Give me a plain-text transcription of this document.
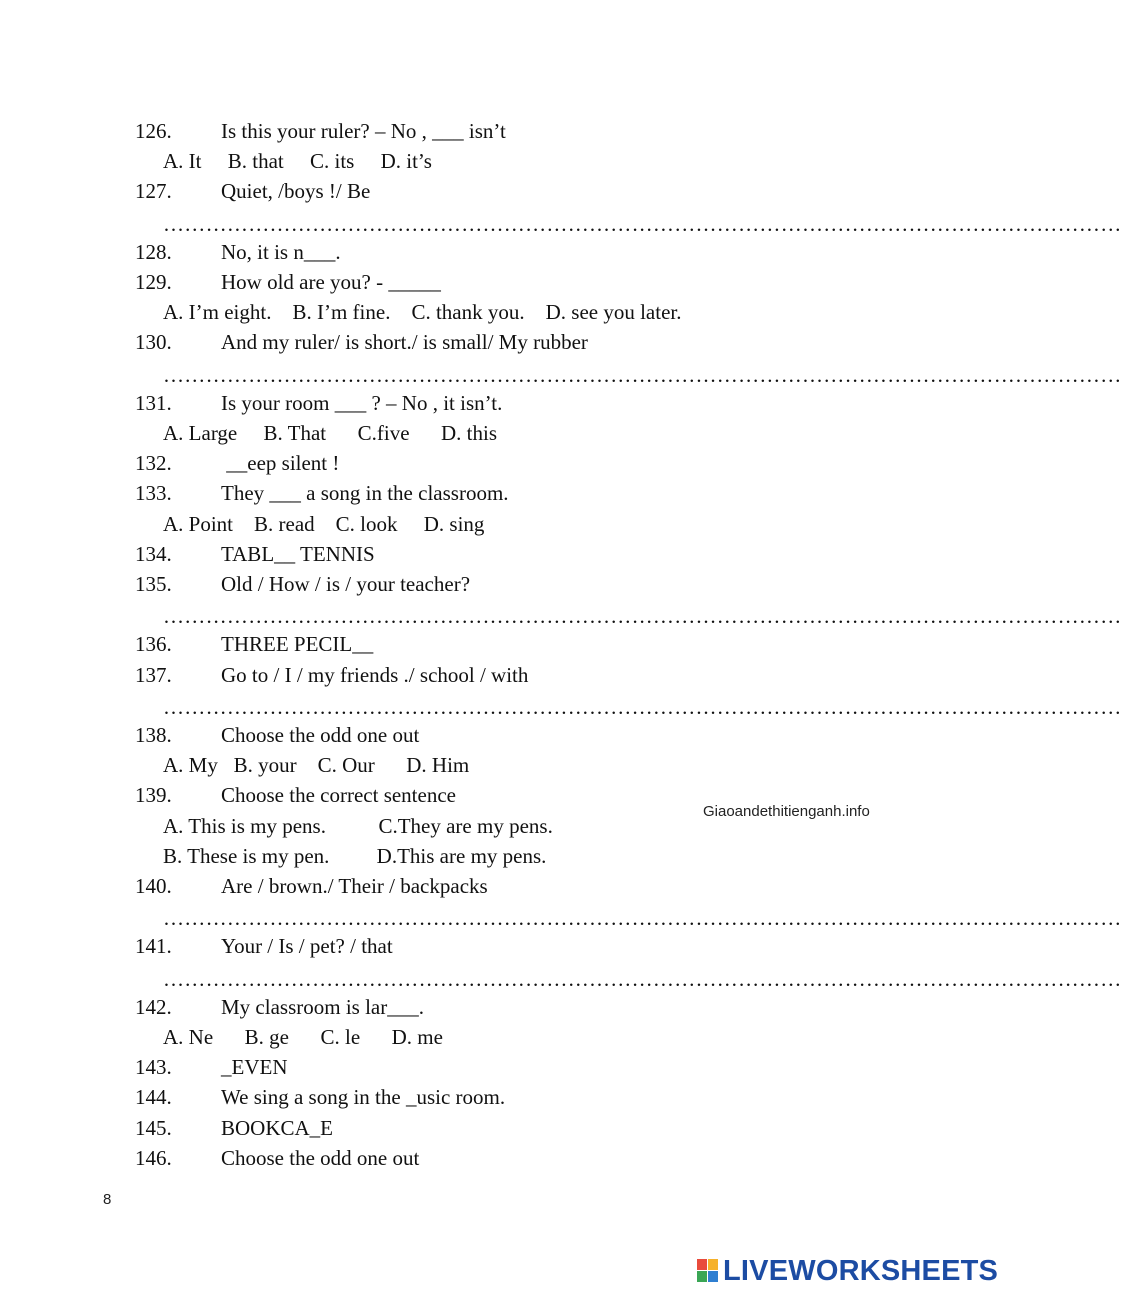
126. Is this your ruler? – No , ___ isn’t
A. It     B. that     C. its     D. it’s
127. Quiet, /boys !/ Be
………………………………………………………………………………………………………………………
128. No, it is n___.
129. How old are you? - _____
A. I’m eight.    B. I’m fine.    C. thank you.    D. see you later.
130. And my ruler/ is short./ is small/ My rubber
………………………………………………………………………………………………………………………
131. Is your room ___ ? – No , it isn’t.
A. Large     B. That      C.five      D. this
132. __eep silent !
133. They ___ a song in the classroom.
A. Point    B. read    C. look     D. sing
134. TABL__ TENNIS
135. Old / How / is / your teacher?
………………………………………………………………………………………………………………………
136. THREE PECIL__
137. Go to / I / my friends ./ school / with
………………………………………………………………………………………………………………………
138. Choose the odd one out
A. My   B. your    C. Our      D. Him
139. Choose the correct sentence
A. This is my pens.          C.They are my pens.
B. These is my pen.         D.This are my pens.
140. Are / brown./ Their / backpacks
………………………………………………………………………………………………………………………
141. Your / Is / pet? / that
………………………………………………………………………………………………………………………
142. My classroom is lar___.
A. Ne      B. ge      C. le      D. me
143. _EVEN
144. We sing a song in the _usic room.
145. BOOKCA_E
146. Choose the odd one out
Giaoandethitienganh.info
8
LIVEWORKSHEETS
